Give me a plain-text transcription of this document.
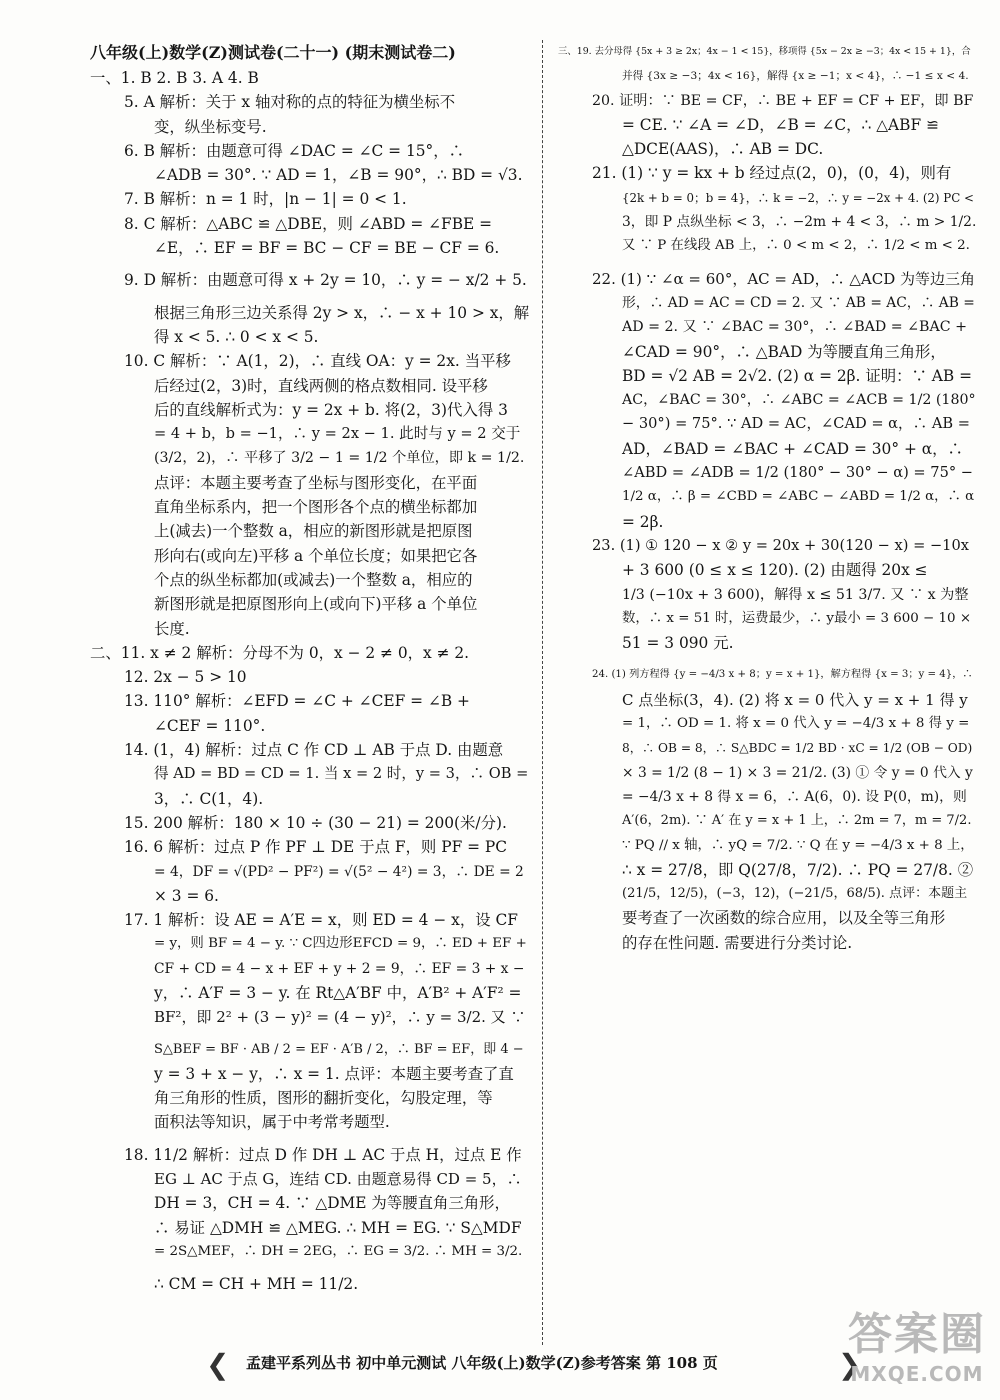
八年级(上)数学(Z)测试卷(二十一) (期末测试卷二)
一、1. B 2. B 3. A 4. B
5. A 解析：关于 x 轴对称的点的特征为横坐标不
变，纵坐标变号.
6. B 解析：由题意可得 ∠DAC = ∠C = 15°，∴
∠ADB = 30°. ∵ AD = 1，∠B = 90°，∴ BD = √3.
7. B 解析：n = 1 时，|n − 1| = 0 < 1.
8. C 解析：△ABC ≌ △DBE，则 ∠ABD = ∠FBE =
∠E，∴ EF = BF = BC − CF = BE − CF = 6.
9. D 解析：由题意可得 x + 2y = 10，∴ y = − x/2 + 5.
根据三角形三边关系得 2y > x，∴ − x + 10 > x，解
得 x < 5. ∴ 0 < x < 5.
10. C 解析：∵ A(1，2)，∴ 直线 OA：y = 2x. 当平移
后经过(2，3)时，直线两侧的格点数相同. 设平移
后的直线解析式为：y = 2x + b. 将(2，3)代入得 3
= 4 + b，b = −1，∴ y = 2x − 1. 此时与 y = 2 交于
(3/2，2)，∴ 平移了 3/2 − 1 = 1/2 个单位，即 k = 1/2.
点评：本题主要考查了坐标与图形变化，在平面
直角坐标系内，把一个图形各个点的横坐标都加
上(减去)一个整数 a，相应的新图形就是把原图
形向右(或向左)平移 a 个单位长度；如果把它各
个点的纵坐标都加(或减去)一个整数 a，相应的
新图形就是把原图形向上(或向下)平移 a 个单位
长度.
二、11. x ≠ 2 解析：分母不为 0，x − 2 ≠ 0，x ≠ 2.
12. 2x − 5 > 10
13. 110° 解析：∠EFD = ∠C + ∠CEF = ∠B +
∠CEF = 110°.
14. (1，4) 解析：过点 C 作 CD ⊥ AB 于点 D. 由题意
得 AD = BD = CD = 1. 当 x = 2 时，y = 3，∴ OB =
3，∴ C(1，4).
15. 200 解析：180 × 10 ÷ (30 − 21) = 200(米/分).
16. 6 解析：过点 P 作 PF ⊥ DE 于点 F，则 PF = PC
= 4，DF = √(PD² − PF²) = √(5² − 4²) = 3，∴ DE = 2
× 3 = 6.
17. 1 解析：设 AE = A′E = x，则 ED = 4 − x，设 CF
= y，则 BF = 4 − y. ∵ C四边形EFCD = 9，∴ ED + EF +
CF + CD = 4 − x + EF + y + 2 = 9，∴ EF = 3 + x −
y，∴ A′F = 3 − y. 在 Rt△A′BF 中，A′B² + A′F² =
BF²，即 2² + (3 − y)² = (4 − y)²，∴ y = 3/2. 又 ∵
S△BEF = BF · AB / 2 = EF · A′B / 2，∴ BF = EF，即 4 −
y = 3 + x − y，∴ x = 1. 点评：本题主要考查了直
角三角形的性质，图形的翻折变化，勾股定理，等
面积法等知识，属于中考常考题型.
18. 11/2 解析：过点 D 作 DH ⊥ AC 于点 H，过点 E 作
EG ⊥ AC 于点 G，连结 CD. 由题意易得 CD = 5，∴
DH = 3，CH = 4. ∵ △DME 为等腰直角三角形，
∴ 易证 △DMH ≌ △MEG. ∴ MH = EG. ∵ S△MDF
= 2S△MEF，∴ DH = 2EG，∴ EG = 3/2. ∴ MH = 3/2.
∴ CM = CH + MH = 11/2.
三、19. 去分母得 {5x + 3 ≥ 2x；4x − 1 < 15}，移项得 {5x − 2x ≥ −3；4x < 15 + 1}，合
并得 {3x ≥ −3；4x < 16}，解得 {x ≥ −1；x < 4}，∴ −1 ≤ x < 4.
20. 证明：∵ BE = CF，∴ BE + EF = CF + EF，即 BF
= CE. ∵ ∠A = ∠D，∠B = ∠C，∴ △ABF ≌
△DCE(AAS)，∴ AB = DC.
21. (1) ∵ y = kx + b 经过点(2，0)，(0，4)，则有
{2k + b = 0；b = 4}，∴ k = −2，∴ y = −2x + 4. (2) PC <
3，即 P 点纵坐标 < 3，∴ −2m + 4 < 3，∴ m > 1/2.
又 ∵ P 在线段 AB 上，∴ 0 < m < 2，∴ 1/2 < m < 2.
22. (1) ∵ ∠α = 60°，AC = AD，∴ △ACD 为等边三角
形，∴ AD = AC = CD = 2. 又 ∵ AB = AC，∴ AB =
AD = 2. 又 ∵ ∠BAC = 30°，∴ ∠BAD = ∠BAC +
∠CAD = 90°，∴ △BAD 为等腰直角三角形，
BD = √2 AB = 2√2. (2) α = 2β. 证明：∵ AB =
AC，∠BAC = 30°，∴ ∠ABC = ∠ACB = 1/2 (180°
− 30°) = 75°. ∵ AD = AC，∠CAD = α，∴ AB =
AD，∠BAD = ∠BAC + ∠CAD = 30° + α，∴
∠ABD = ∠ADB = 1/2 (180° − 30° − α) = 75° −
1/2 α，∴ β = ∠CBD = ∠ABC − ∠ABD = 1/2 α，∴ α
= 2β.
23. (1) ① 120 − x ② y = 20x + 30(120 − x) = −10x
+ 3 600 (0 ≤ x ≤ 120). (2) 由题得 20x ≤
1/3 (−10x + 3 600)，解得 x ≤ 51 3/7. 又 ∵ x 为整
数，∴ x = 51 时，运费最少，∴ y最小 = 3 600 − 10 ×
51 = 3 090 元.
24. (1) 列方程得 {y = −4/3 x + 8；y = x + 1}，解方程得 {x = 3；y = 4}，∴
C 点坐标(3，4). (2) 将 x = 0 代入 y = x + 1 得 y
= 1，∴ OD = 1. 将 x = 0 代入 y = −4/3 x + 8 得 y =
8，∴ OB = 8，∴ S△BDC = 1/2 BD · xC = 1/2 (OB − OD)
× 3 = 1/2 (8 − 1) × 3 = 21/2. (3) ① 令 y = 0 代入 y
= −4/3 x + 8 得 x = 6，∴ A(6，0). 设 P(0，m)，则
A′(6，2m). ∵ A′ 在 y = x + 1 上，∴ 2m = 7，m = 7/2.
∵ PQ // x 轴，∴ yQ = 7/2. ∵ Q 在 y = −4/3 x + 8 上，
∴ x = 27/8，即 Q(27/8，7/2). ∴ PQ = 27/8. ②
(21/5，12/5)，(−3，12)，(−21/5，68/5). 点评：本题主
要考查了一次函数的综合应用，以及全等三角形
的存在性问题. 需要进行分类讨论.
❮ 孟建平系列丛书 初中单元测试 八年级(上)数学(Z)参考答案 第 108 页	❯
答案圈
MXQE.COM
